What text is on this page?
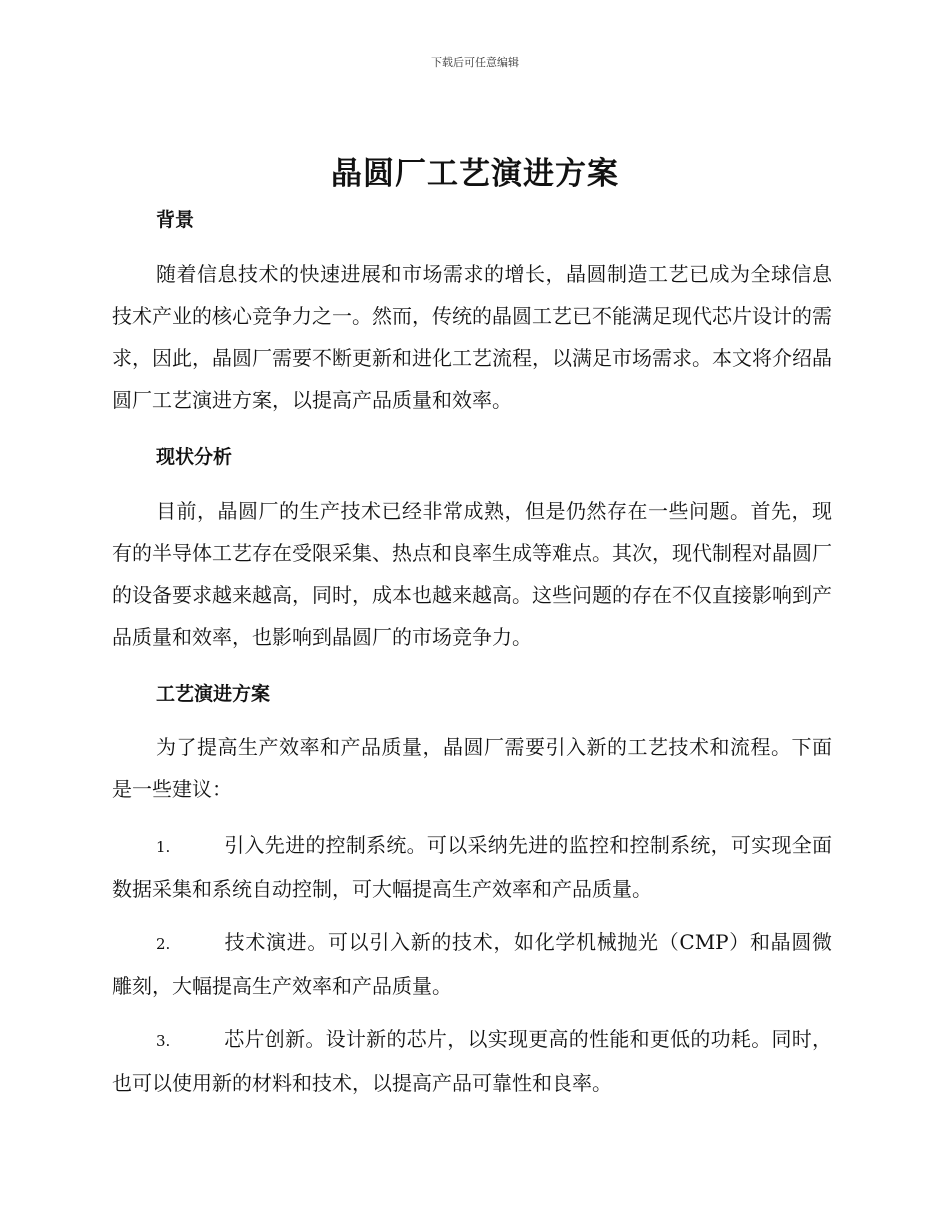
下载后可任意编辑
晶圆厂工艺演进方案
背景

随着信息技术的快速进展和市场需求的增长，晶圆制造工艺已成为全球信息技术产业的核心竞争力之一。然而，传统的晶圆工艺已不能满足现代芯片设计的需求，因此，晶圆厂需要不断更新和进化工艺流程，以满足市场需求。本文将介绍晶圆厂工艺演进方案，以提高产品质量和效率。

现状分析

目前，晶圆厂的生产技术已经非常成熟，但是仍然存在一些问题。首先，现有的半导体工艺存在受限采集、热点和良率生成等难点。其次，现代制程对晶圆厂的设备要求越来越高，同时，成本也越来越高。这些问题的存在不仅直接影响到产品质量和效率，也影响到晶圆厂的市场竞争力。

工艺演进方案

为了提高生产效率和产品质量，晶圆厂需要引入新的工艺技术和流程。下面是一些建议：

1.	引入先进的控制系统。可以采纳先进的监控和控制系统，可实现全面数据采集和系统自动控制，可大幅提高生产效率和产品质量。

2.	技术演进。可以引入新的技术，如化学机械抛光（CMP）和晶圆微雕刻，大幅提高生产效率和产品质量。

3.	芯片创新。设计新的芯片，以实现更高的性能和更低的功耗。同时，也可以使用新的材料和技术，以提高产品可靠性和良率。
